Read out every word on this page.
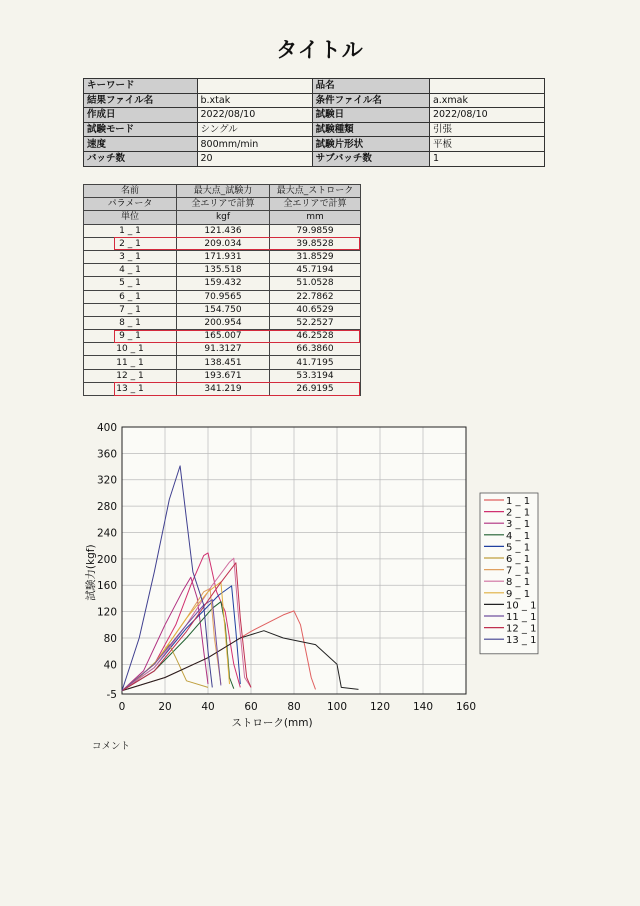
タイトル
キーワード		品名	
結果ファイル名	b.xtak	条件ファイル名	a.xmak
作成日	2022/08/10	試験日	2022/08/10
試験モード	シングル	試験種類	引張
速度	800mm/min	試験片形状	平板
バッチ数	20	サブバッチ数	1
名前	最大点_試験力	最大点_ストローク
パラメータ	全エリアで計算	全エリアで計算
単位	kgf	mm
1 _ 1	121.436	79.9859
2 _ 1	209.034	39.8528
3 _ 1	171.931	31.8529
4 _ 1	135.518	45.7194
5 _ 1	159.432	51.0528
6 _ 1	70.9565	22.7862
7 _ 1	154.750	40.6529
8 _ 1	200.954	52.2527
9 _ 1	165.007	46.2528
10 _ 1	91.3127	66.3860
11 _ 1	138.451	41.7195
12 _ 1	193.671	53.3194
13 _ 1	341.219	26.9195
0	20	40	60	80	100 120 140 160
-5
40
80
120
160
200
240
280
320
360
400
ストローク(mm)
試験力(kgf)
1 _ 1
2 _ 1
3 _ 1
4 _ 1
5 _ 1
6 _ 1
7 _ 1
8 _ 1
9 _ 1
10 _ 1
11 _ 1
12 _ 1
13 _ 1
コメント
